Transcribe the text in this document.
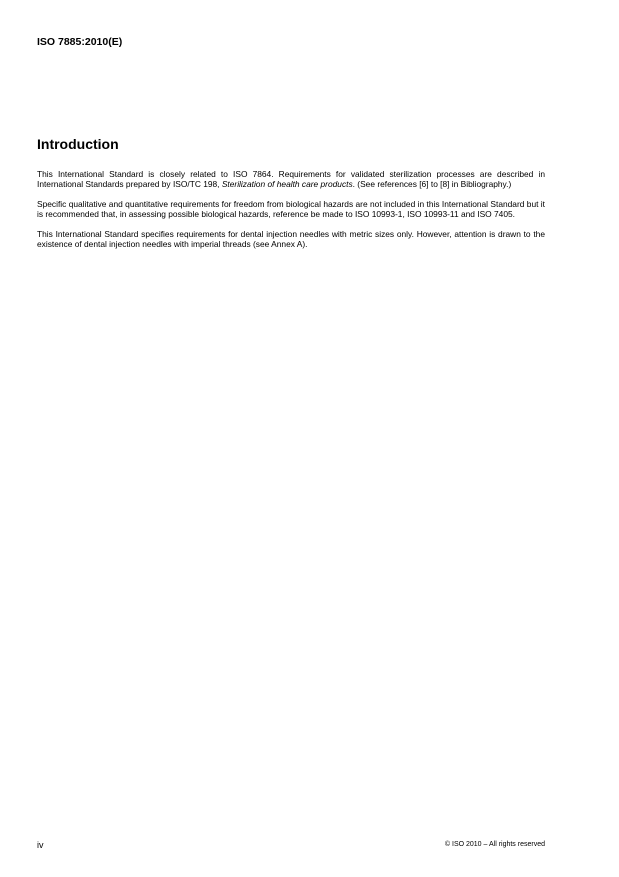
ISO 7885:2010(E)

Introduction

This International Standard is closely related to ISO 7864. Requirements for validated sterilization processes are described in International Standards prepared by ISO/TC 198, Sterilization of health care products. (See references [6] to [8] in Bibliography.)

Specific qualitative and quantitative requirements for freedom from biological hazards are not included in this International Standard but it is recommended that, in assessing possible biological hazards, reference be made to ISO 10993-1, ISO 10993-11 and ISO 7405.

This International Standard specifies requirements for dental injection needles with metric sizes only. However, attention is drawn to the existence of dental injection needles with imperial threads (see Annex A).

iv	© ISO 2010 – All rights reserved
